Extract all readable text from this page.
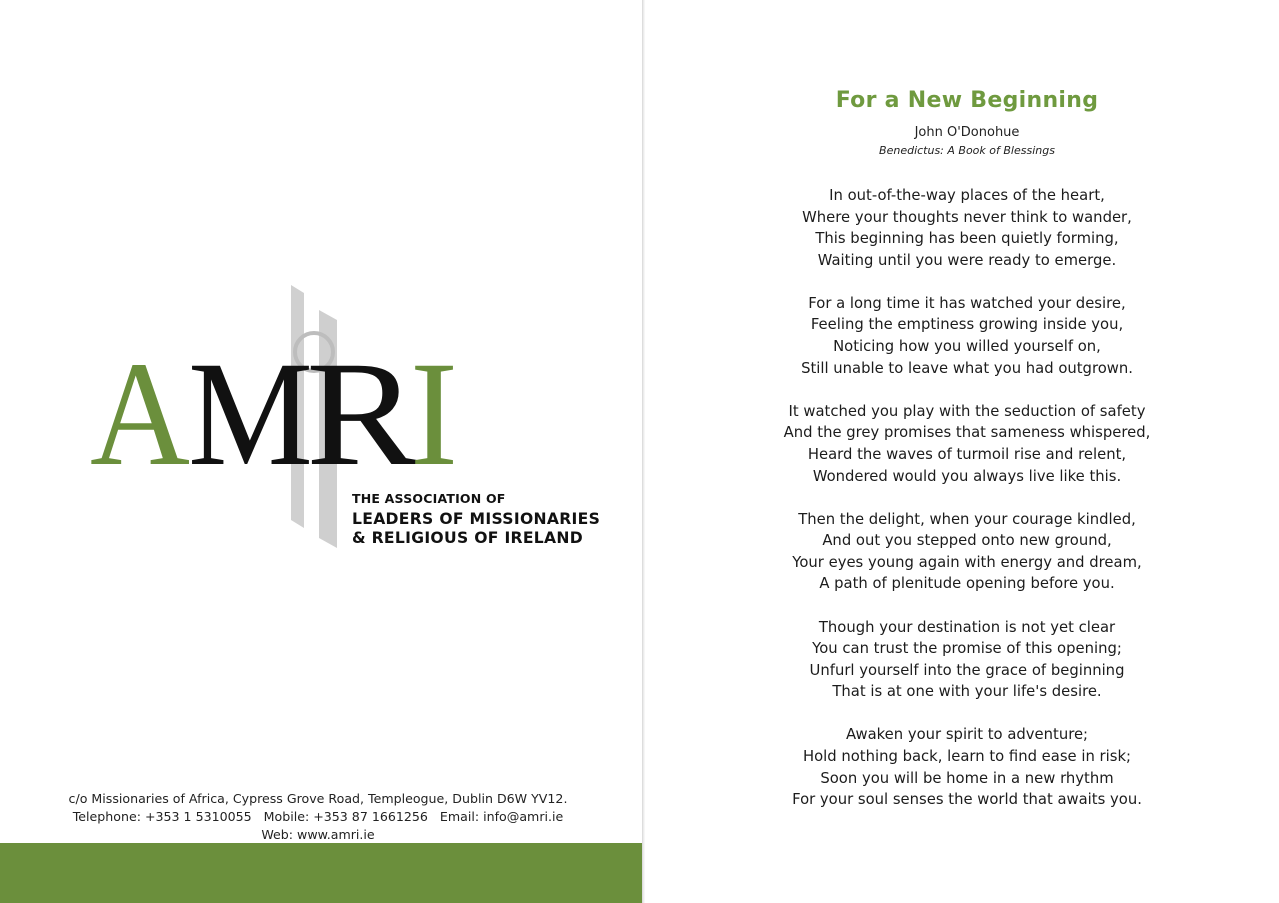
A
M
R
I
THE ASSOCIATION OF
LEADERS OF MISSIONARIES
& RELIGIOUS OF IRELAND
c/o Missionaries of Africa, Cypress Grove Road, Templeogue, Dublin D6W YV12.
Telephone: +353 1 5310055   Mobile: +353 87 1661256   Email: info@amri.ie
Web: www.amri.ie
For a New Beginning
John O'Donohue
Benedictus: A Book of Blessings
In out-of-the-way places of the heart,
Where your thoughts never think to wander,
This beginning has been quietly forming,
Waiting until you were ready to emerge.
For a long time it has watched your desire,
Feeling the emptiness growing inside you,
Noticing how you willed yourself on,
Still unable to leave what you had outgrown.
It watched you play with the seduction of safety
And the grey promises that sameness whispered,
Heard the waves of turmoil rise and relent,
Wondered would you always live like this.
Then the delight, when your courage kindled,
And out you stepped onto new ground,
Your eyes young again with energy and dream,
A path of plenitude opening before you.
Though your destination is not yet clear
You can trust the promise of this opening;
Unfurl yourself into the grace of beginning
That is at one with your life's desire.
Awaken your spirit to adventure;
Hold nothing back, learn to find ease in risk;
Soon you will be home in a new rhythm
For your soul senses the world that awaits you.
